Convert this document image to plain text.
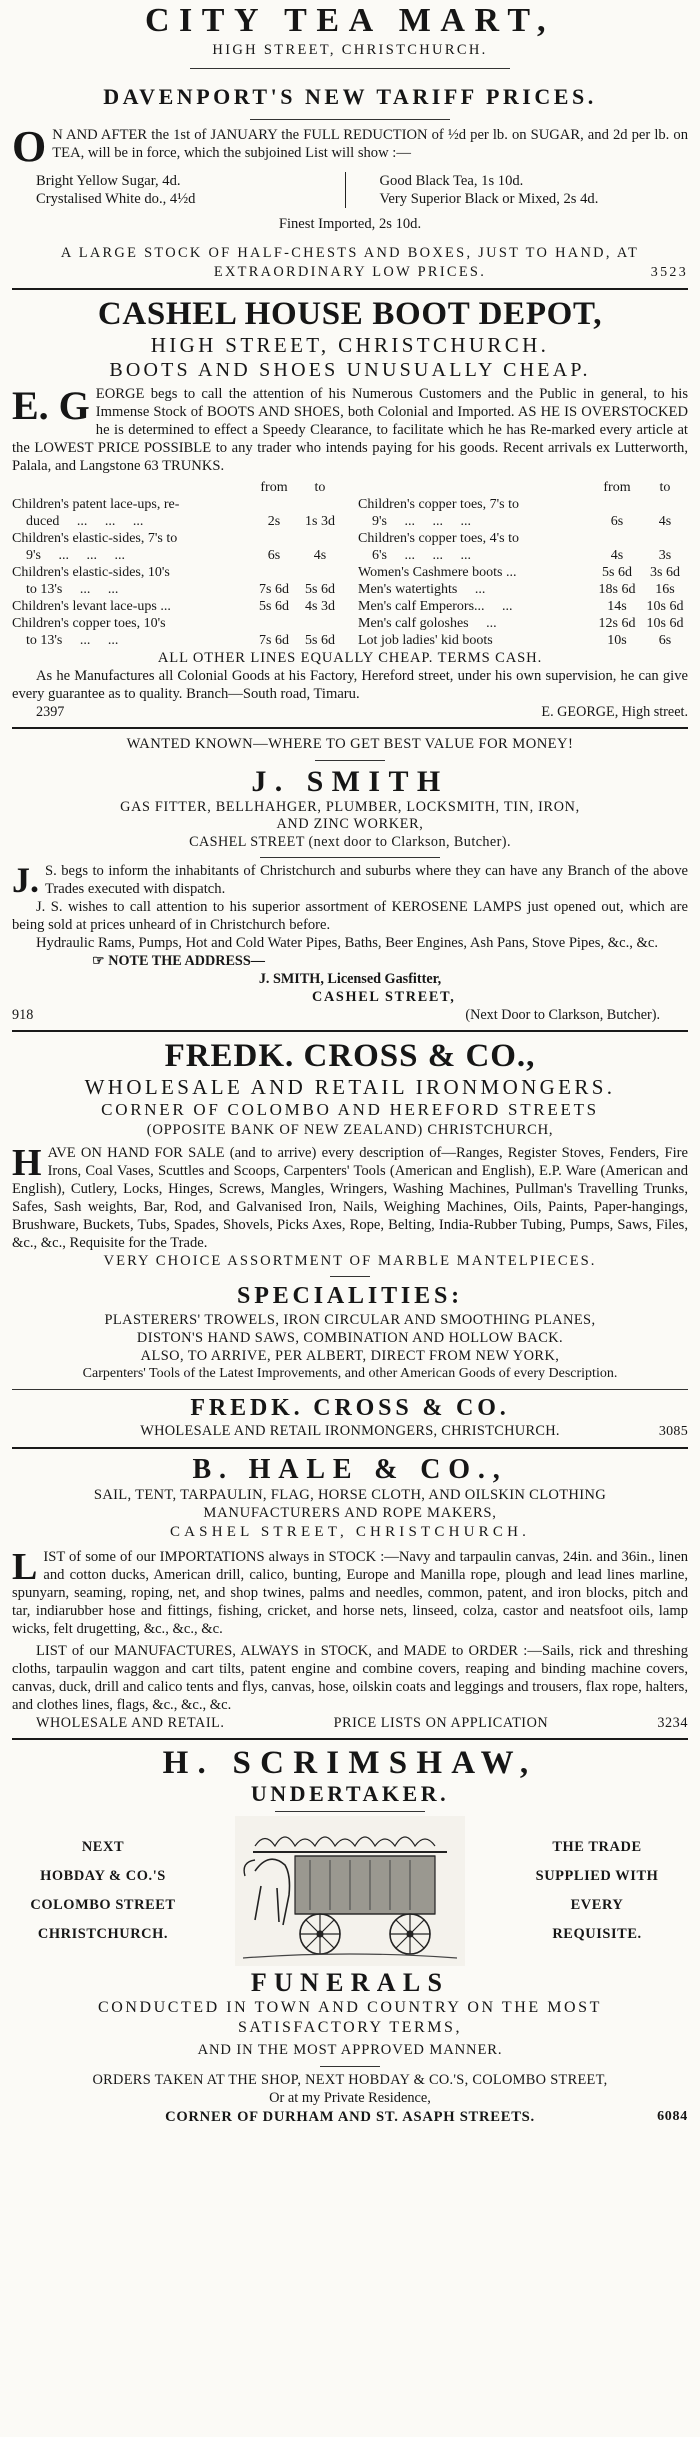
CITY TEA MART,
HIGH STREET, CHRISTCHURCH.
DAVENPORT'S NEW TARIFF PRICES.

O N AND AFTER the 1st of JANUARY the FULL REDUCTION of ½d per lb. on SUGAR, and 2d per lb. on TEA, will be in force, which the subjoined List will show :—

Bright Yellow Sugar, 4d.
Crystalised White do., 4½d
Good Black Tea, 1s 10d.
Very Superior Black or Mixed, 2s 4d.
Finest Imported, 2s 10d.
A LARGE STOCK OF HALF-CHESTS AND BOXES, JUST TO HAND, AT
EXTRAORDINARY LOW PRICES.	3523
CASHEL HOUSE BOOT DEPOT,
HIGH STREET, CHRISTCHURCH.
BOOTS AND SHOES UNUSUALLY CHEAP.

E. G EORGE begs to call the attention of his Numerous Customers and the Public in general, to his Immense Stock of BOOTS AND SHOES, both Colonial and Imported. AS HE IS OVERSTOCKED he is determined to effect a Speedy Clearance, to facilitate which he has Re-marked every article at the LOWEST PRICE POSSIBLE to any trader who intends paying for his goods. Recent arrivals ex Lutterworth, Palala, and Langstone 63 TRUNKS.

	from	to
Children's patent lace-ups, re-		
duced     ...     ...     ...	2s	1s 3d
Children's elastic-sides, 7's to		
9's     ...     ...     ...	6s	4s
Children's elastic-sides, 10's		
to 13's     ...     ...	7s 6d	5s 6d
Children's levant lace-ups ...	5s 6d	4s 3d
Children's copper toes, 10's		
to 13's     ...     ...	7s 6d	5s 6d
	from	to
Children's copper toes, 7's to		
9's     ...     ...     ...	6s	4s
Children's copper toes, 4's to		
6's     ...     ...     ...	4s	3s
Women's Cashmere boots ...	5s 6d	3s 6d
Men's watertights     ...	18s 6d	16s
Men's calf Emperors...     ...	14s	10s 6d
Men's calf goloshes     ...	12s 6d	10s 6d
Lot job ladies' kid boots	10s	6s
ALL OTHER LINES EQUALLY CHEAP. TERMS CASH.

As he Manufactures all Colonial Goods at his Factory, Hereford street, under his own supervision, he can give every guarantee as to quality. Branch—South road, Timaru.

2397	E. GEORGE, High street.
WANTED KNOWN—WHERE TO GET BEST VALUE FOR MONEY!
J. SMITH
GAS FITTER, BELLHAHGER, PLUMBER, LOCKSMITH, TIN, IRON,
AND ZINC WORKER,
CASHEL STREET (next door to Clarkson, Butcher).

J. S. begs to inform the inhabitants of Christchurch and suburbs where they can have any Branch of the above Trades executed with dispatch.

J. S. wishes to call attention to his superior assortment of KEROSENE LAMPS just opened out, which are being sold at prices unheard of in Christchurch before.

Hydraulic Rams, Pumps, Hot and Cold Water Pipes, Baths, Beer Engines, Ash Pans, Stove Pipes, &c., &c.

☞ NOTE THE ADDRESS—
J. SMITH, Licensed Gasfitter,
CASHEL STREET,
918	(Next Door to Clarkson, Butcher).
FREDK. CROSS & CO.,
WHOLESALE AND RETAIL IRONMONGERS.
CORNER OF COLOMBO AND HEREFORD STREETS
(OPPOSITE BANK OF NEW ZEALAND) CHRISTCHURCH,

HAVE ON HAND FOR SALE (and to arrive) every description of—Ranges, Register Stoves, Fenders, Fire Irons, Coal Vases, Scuttles and Scoops, Carpenters' Tools (American and English), E.P. Ware (American and English), Cutlery, Locks, Hinges, Screws, Mangles, Wringers, Washing Machines, Pullman's Travelling Trunks, Safes, Sash weights, Bar, Rod, and Galvanised Iron, Nails, Weighing Machines, Oils, Paints, Paper-hangings, Brushware, Buckets, Tubs, Spades, Shovels, Picks Axes, Rope, Belting, India-Rubber Tubing, Pumps, Saws, Files, &c., &c., Requisite for the Trade.

VERY CHOICE ASSORTMENT OF MARBLE MANTELPIECES.
SPECIALITIES:
PLASTERERS' TROWELS, IRON CIRCULAR AND SMOOTHING PLANES,
DISTON'S HAND SAWS, COMBINATION AND HOLLOW BACK.
ALSO, TO ARRIVE, PER ALBERT, DIRECT FROM NEW YORK,
Carpenters' Tools of the Latest Improvements, and other American Goods of every Description.
FREDK. CROSS & CO.
WHOLESALE AND RETAIL IRONMONGERS, CHRISTCHURCH.	3085
B. HALE & CO.,
SAIL, TENT, TARPAULIN, FLAG, HORSE CLOTH, AND OILSKIN CLOTHING
MANUFACTURERS AND ROPE MAKERS,
CASHEL STREET, CHRISTCHURCH.

LIST of some of our IMPORTATIONS always in STOCK :—Navy and tarpaulin canvas, 24in. and 36in., linen and cotton ducks, American drill, calico, bunting, Europe and Manilla rope, plough and lead lines marline, spunyarn, seaming, roping, net, and shop twines, palms and needles, common, patent, and iron blocks, pitch and tar, indiarubber hose and fittings, fishing, cricket, and horse nets, linseed, colza, castor and neatsfoot oils, lamp wicks, felt drugetting, &c., &c., &c.

LIST of our MANUFACTURES, ALWAYS in STOCK, and MADE to ORDER :—Sails, rick and threshing cloths, tarpaulin waggon and cart tilts, patent engine and combine covers, reaping and binding machine covers, canvas, duck, drill and calico tents and flys, canvas, hose, oilskin coats and leggings and trousers, flax rope, halters, and clothes lines, flags, &c., &c., &c.

WHOLESALE AND RETAIL.	PRICE LISTS ON APPLICATION	3234
H. SCRIMSHAW,
UNDERTAKER.
NEXT
HOBDAY & CO.'S
COLOMBO STREET
CHRISTCHURCH.
THE TRADE
SUPPLIED WITH
EVERY
REQUISITE.
FUNERALS
CONDUCTED IN TOWN AND COUNTRY ON THE MOST
SATISFACTORY TERMS,
AND IN THE MOST APPROVED MANNER.
ORDERS TAKEN AT THE SHOP, NEXT HOBDAY & CO.'S, COLOMBO STREET,
Or at my Private Residence,
CORNER OF DURHAM AND ST. ASAPH STREETS.	6084
